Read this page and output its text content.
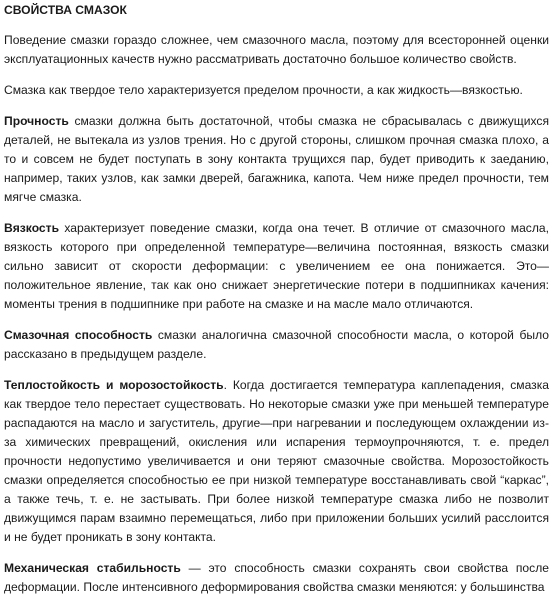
СВОЙСТВА СМАЗОК

Поведение смазки гораздо сложнее, чем смазочного масла, поэтому для всесторонней оценки эксплуатационных качеств нужно рассматривать достаточно большое количество свойств.

Смазка как твердое тело характеризуется пределом прочности, а как жидкость—вязкостью.

Прочность смазки должна быть достаточной, чтобы смазка не сбрасывалась с движущихся деталей, не вытекала из узлов трения. Но с другой стороны, слишком прочная смазка плохо, а то и совсем не будет поступать в зону контакта трущихся пар, будет приводить к заеданию, например, таких узлов, как замки дверей, багажника, капота. Чем ниже предел прочности, тем мягче смазка.

Вязкость характеризует поведение смазки, когда она течет. В отличие от смазочного масла, вязкость которого при определенной температуре—величина постоянная, вязкость смазки сильно зависит от скорости деформации: с увеличением ее она понижается. Это—положительное явление, так как оно снижает энергетические потери в подшипниках качения: моменты трения в подшипнике при работе на смазке и на масле мало отличаются.

Смазочная способность смазки аналогична смазочной способности масла, о которой было рассказано в предыдущем разделе.

Теплостойкость и морозостойкость. Когда достигается температура каплепадения, смазка как твердое тело перестает существовать. Но некоторые смазки уже при меньшей температуре распадаются на масло и загуститель, другие—при нагревании и последующем охлаждении из-за химических превращений, окисления или испарения термоупрочняются, т. е. предел прочности недопустимо увеличивается и они теряют смазочные свойства. Морозостойкость смазки определяется способностью ее при низкой температуре восстанавливать свой “каркас”, а также течь, т. е. не застывать. При более низкой температуре смазка либо не позволит движущимся парам взаимно перемещаться, либо при приложении больших усилий расслоится и не будет проникать в зону контакта.

Механическая стабильность — это способность смазки сохранять свои свойства после деформации. После интенсивного деформирования свойства смазки меняются: у большинства
